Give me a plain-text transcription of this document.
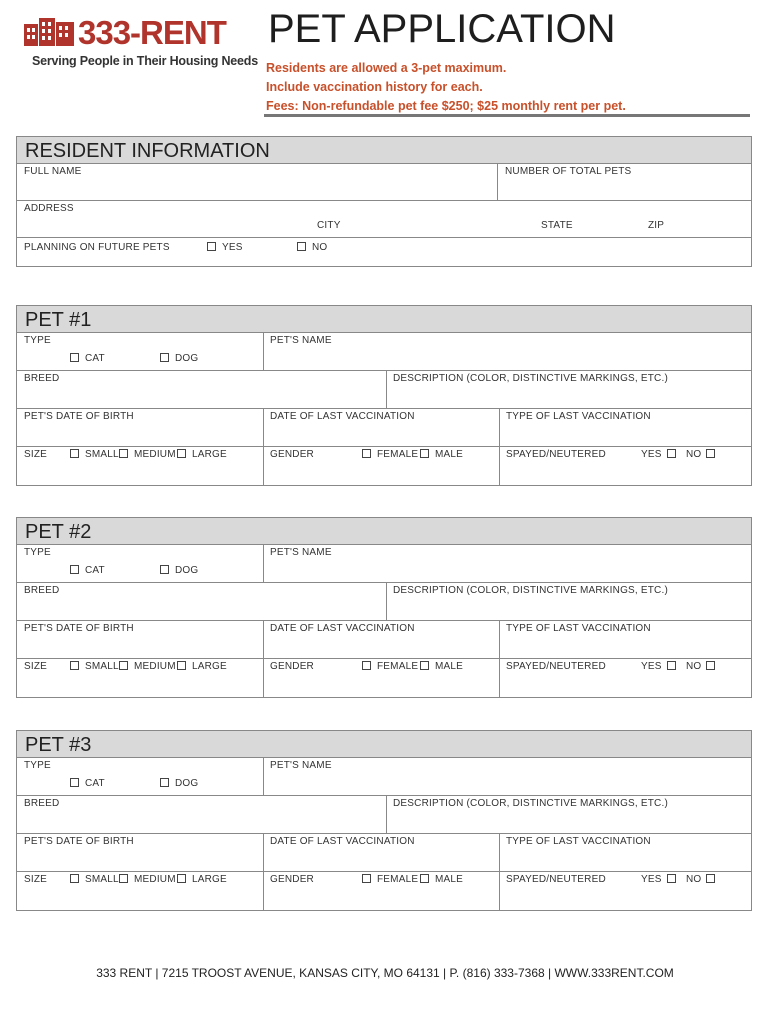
333-RENT
Serving People in Their Housing Needs
PET APPLICATION
Residents are allowed a 3-pet maximum.
Include vaccination history for each.
Fees: Non-refundable pet fee $250; $25 monthly rent per pet.
RESIDENT INFORMATION
FULL NAME	NUMBER OF TOTAL PETS
ADDRESS
CITY	STATE	ZIP
PLANNING ON FUTURE PETS	YES	NO
PET #1
TYPE
CAT	DOG
PET'S NAME
BREED	DESCRIPTION (COLOR, DISTINCTIVE MARKINGS, ETC.)
PET'S DATE OF BIRTH	DATE OF LAST VACCINATION	TYPE OF LAST VACCINATION
SIZE	SMALL	MEDIUM	LARGE	GENDER	FEMALE	MALE	SPAYED/NEUTERED	YES	NO
PET #2
TYPE
CAT	DOG
PET'S NAME
BREED	DESCRIPTION (COLOR, DISTINCTIVE MARKINGS, ETC.)
PET'S DATE OF BIRTH	DATE OF LAST VACCINATION	TYPE OF LAST VACCINATION
SIZE	SMALL	MEDIUM	LARGE	GENDER	FEMALE	MALE	SPAYED/NEUTERED	YES	NO
PET #3
TYPE
CAT	DOG
PET'S NAME
BREED	DESCRIPTION (COLOR, DISTINCTIVE MARKINGS, ETC.)
PET'S DATE OF BIRTH	DATE OF LAST VACCINATION	TYPE OF LAST VACCINATION
SIZE	SMALL	MEDIUM	LARGE	GENDER	FEMALE	MALE	SPAYED/NEUTERED	YES	NO
333 RENT | 7215 TROOST AVENUE, KANSAS CITY, MO 64131 | P. (816) 333-7368 | WWW.333RENT.COM
